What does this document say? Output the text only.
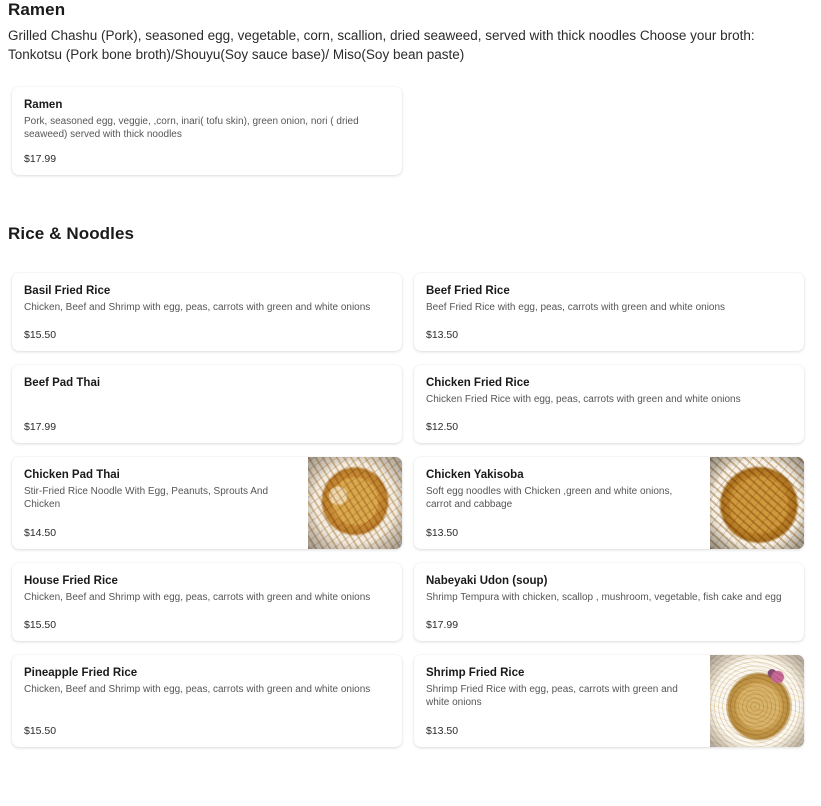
Ramen

Grilled Chashu (Pork), seasoned egg, vegetable, corn, scallion, dried seaweed, served with thick noodles Choose your broth: Tonkotsu (Pork bone broth)/Shouyu(Soy sauce base)/ Miso(Soy bean paste)

Ramen
Pork, seasoned egg, veggie, ,corn, inari( tofu skin), green onion, nori ( dried seaweed) served with thick noodles
$17.99
Rice & Noodles
Basil Fried Rice
Chicken, Beef and Shrimp with egg, peas, carrots with green and white onions
$15.50
Beef Fried Rice
Beef Fried Rice with egg, peas, carrots with green and white onions
$13.50
Beef Pad Thai
$17.99
Chicken Fried Rice
Chicken Fried Rice with egg, peas, carrots with green and white onions
$12.50
Chicken Pad Thai
Stir-Fried Rice Noodle With Egg, Peanuts, Sprouts And Chicken
$14.50
Chicken Yakisoba
Soft egg noodles with Chicken ,green and white onions, carrot and cabbage
$13.50
House Fried Rice
Chicken, Beef and Shrimp with egg, peas, carrots with green and white onions
$15.50
Nabeyaki Udon (soup)
Shrimp Tempura with chicken, scallop , mushroom, vegetable, fish cake and egg
$17.99
Pineapple Fried Rice
Chicken, Beef and Shrimp with egg, peas, carrots with green and white onions
$15.50
Shrimp Fried Rice
Shrimp Fried Rice with egg, peas, carrots with green and white onions
$13.50
